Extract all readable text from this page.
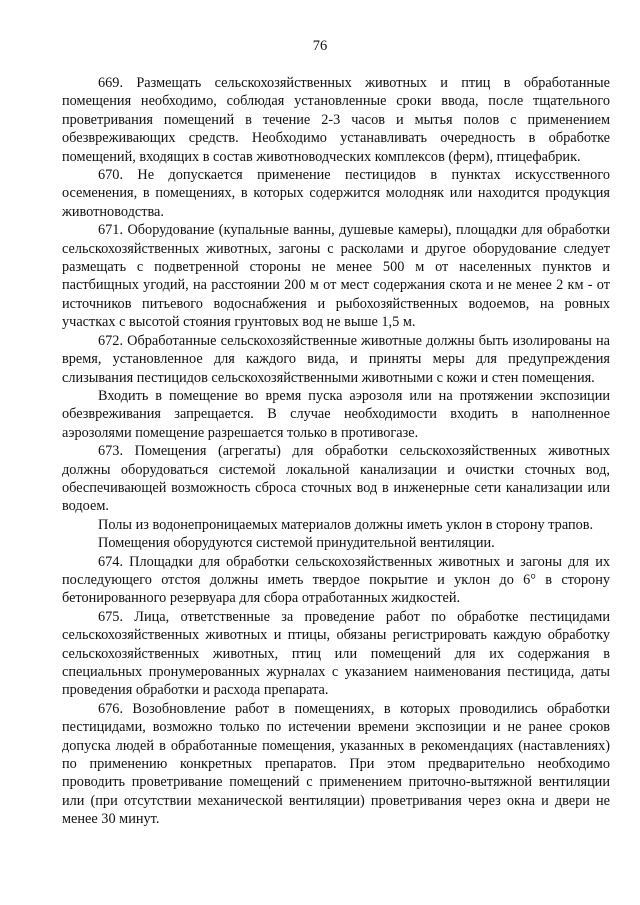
76

669. Размещать сельскохозяйственных животных и птиц в обработанные помещения необходимо, соблюдая установленные сроки ввода, после тщательного проветривания помещений в течение 2-3 часов и мытья полов с применением обезвреживающих средств. Необходимо устанавливать очередность в обработке помещений, входящих в состав животноводческих комплексов (ферм), птицефабрик.

670. Не допускается применение пестицидов в пунктах искусственного осеменения, в помещениях, в которых содержится молодняк или находится продукция животноводства.

671. Оборудование (купальные ванны, душевые камеры), площадки для обработки сельскохозяйственных животных, загоны с расколами и другое оборудование следует размещать с подветренной стороны не менее 500 м от населенных пунктов и пастбищных угодий, на расстоянии 200 м от мест содержания скота и не менее 2 км - от источников питьевого водоснабжения и рыбохозяйственных водоемов, на ровных участках с высотой стояния грунтовых вод не выше 1,5 м.

672. Обработанные сельскохозяйственные животные должны быть изолированы на время, установленное для каждого вида, и приняты меры для предупреждения слизывания пестицидов сельскохозяйственными животными с кожи и стен помещения.

Входить в помещение во время пуска аэрозоля или на протяжении экспозиции обезвреживания запрещается. В случае необходимости входить в наполненное аэрозолями помещение разрешается только в противогазе.

673. Помещения (агрегаты) для обработки сельскохозяйственных животных должны оборудоваться системой локальной канализации и очистки сточных вод, обеспечивающей возможность сброса сточных вод в инженерные сети канализации или водоем.

Полы из водонепроницаемых материалов должны иметь уклон в сторону трапов.

Помещения оборудуются системой принудительной вентиляции.

674. Площадки для обработки сельскохозяйственных животных и загоны для их последующего отстоя должны иметь твердое покрытие и уклон до 6° в сторону бетонированного резервуара для сбора отработанных жидкостей.

675. Лица, ответственные за проведение работ по обработке пестицидами сельскохозяйственных животных и птицы, обязаны регистрировать каждую обработку сельскохозяйственных животных, птиц или помещений для их содержания в специальных пронумерованных журналах с указанием наименования пестицида, даты проведения обработки и расхода препарата.

676. Возобновление работ в помещениях, в которых проводились обработки пестицидами, возможно только по истечении времени экспозиции и не ранее сроков допуска людей в обработанные помещения, указанных в рекомендациях (наставлениях) по применению конкретных препаратов. При этом предварительно необходимо проводить проветривание помещений с применением приточно-вытяжной вентиляции или (при отсутствии механической вентиляции) проветривания через окна и двери не менее 30 минут.
